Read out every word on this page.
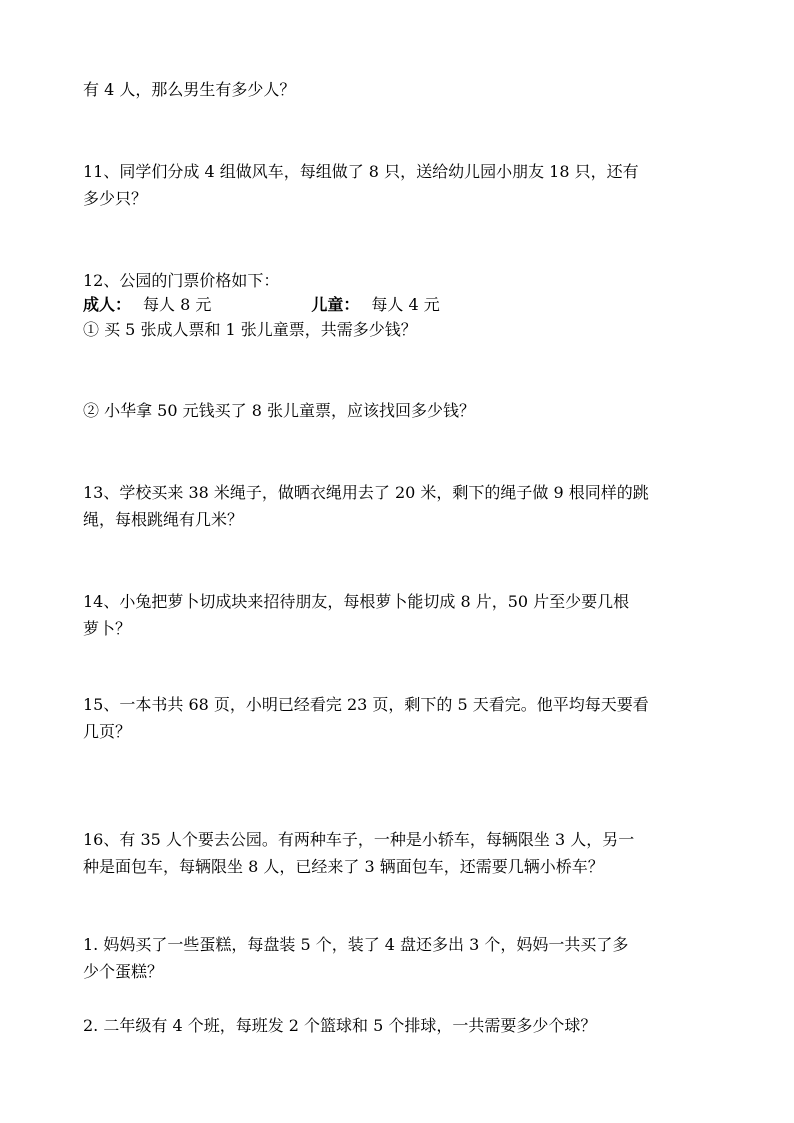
有 4 人，那么男生有多少人？
11、同学们分成 4 组做风车，每组做了 8 只，送给幼儿园小朋友 18 只，还有
多少只？
12、公园的门票价格如下：
成人： 每人 8 元	儿童： 每人 4 元
① 买 5 张成人票和 1 张儿童票，共需多少钱？
② 小华拿 50 元钱买了 8 张儿童票，应该找回多少钱？
13、学校买来 38 米绳子，做晒衣绳用去了 20 米，剩下的绳子做 9 根同样的跳
绳，每根跳绳有几米？
14、小兔把萝卜切成块来招待朋友，每根萝卜能切成 8 片，50 片至少要几根
萝卜？
15、一本书共 68 页，小明已经看完 23 页，剩下的 5 天看完。他平均每天要看
几页？
16、有 35 人个要去公园。有两种车子，一种是小轿车，每辆限坐 3 人，另一
种是面包车，每辆限坐 8 人，已经来了 3 辆面包车，还需要几辆小桥车？
1. 妈妈买了一些蛋糕，每盘装 5 个，装了 4 盘还多出 3 个，妈妈一共买了多
少个蛋糕？
2. 二年级有 4 个班，每班发 2 个篮球和 5 个排球，一共需要多少个球？
